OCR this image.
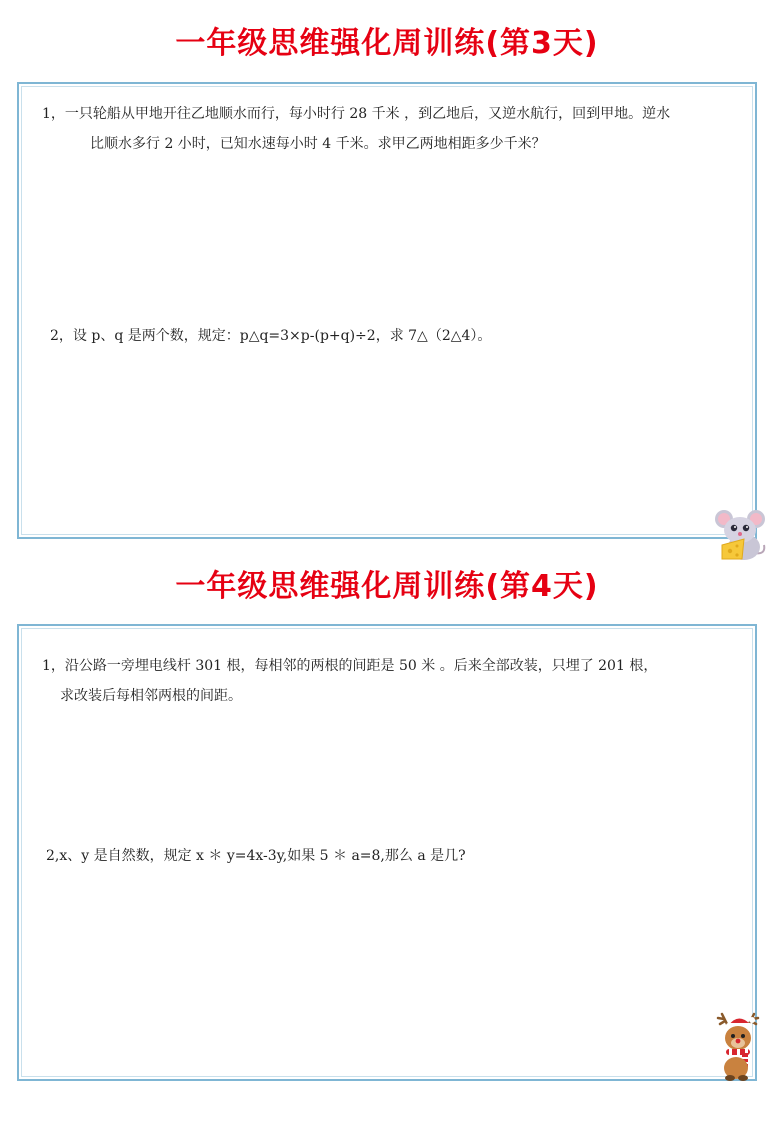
一年级思维强化周训练(第3天)
1，一只轮船从甲地开往乙地顺水而行，每小时行 28 千米 ，到乙地后，又逆水航行，回到甲地。逆水
比顺水多行 2 小时，已知水速每小时 4 千米。求甲乙两地相距多少千米？
2，设 p、q 是两个数，规定：p△q=3×p-(p+q)÷2，求 7△（2△4）。
一年级思维强化周训练(第4天)
1，沿公路一旁埋电线杆 301 根，每相邻的两根的间距是 50 米 。后来全部改装，只埋了 201 根，
求改装后每相邻两根的间距。
2,x、y 是自然数，规定 x ＊ y=4x-3y,如果 5 ＊ a=8,那么 a 是几?
